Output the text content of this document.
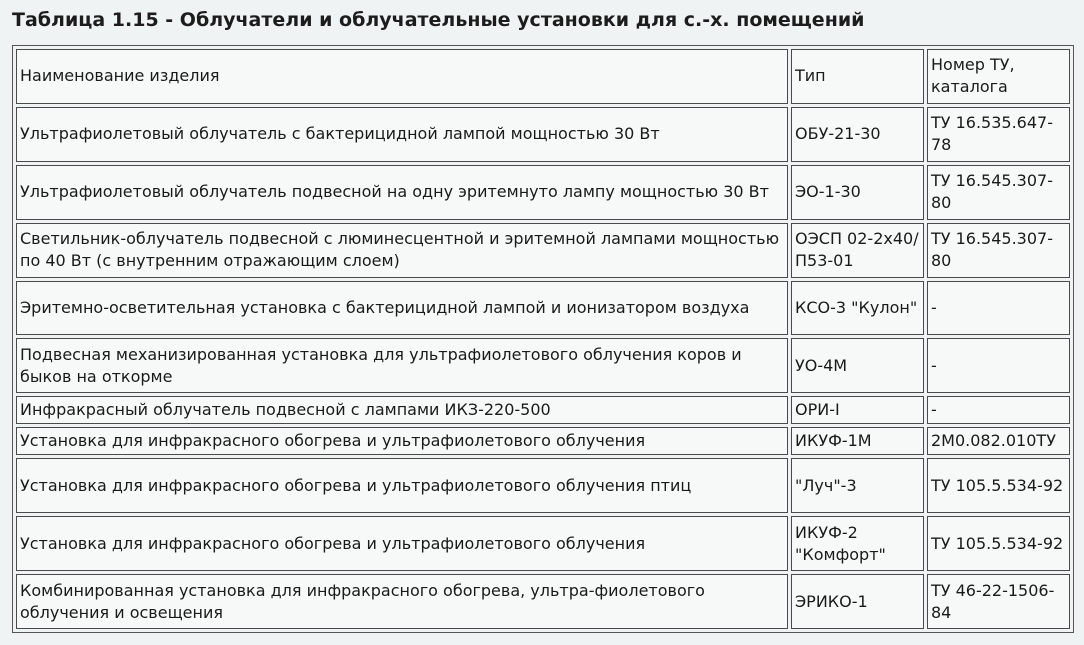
Таблица 1.15 - Облучатели и облучательные установки для с.-х. помещений
Наименование изделия	Тип	Номер ТУ, каталога
Ультрафиолетовый облучатель с бактерицидной лампой мощностью 30 Вт	ОБУ-21-30	ТУ 16.535.647-78
Ультрафиолетовый облучатель подвесной на одну эритемнуто лампу мощностью 30 Вт	ЭО-1-30	ТУ 16.545.307-80
Светильник-облучатель подвесной с люминесцентной и эритемной лампами мощностью по 40 Вт (с внутренним отражающим слоем)	ОЭСП 02-2х40/П53-01	ТУ 16.545.307-80
Эритемно-осветительная установка с бактерицидной лампой и ионизатором воздуха	КСО-3 "Кулон"	-
Подвесная механизированная установка для ультрафиолетового облучения коров и быков на откорме	УО-4М	-
Инфракрасный облучатель подвесной с лампами ИКЗ-220-500	ОРИ-I	-
Установка для инфракрасного обогрева и ультрафиолетового облучения	ИКУФ-1М	2М0.082.010ТУ
Установка для инфракрасного обогрева и ультрафиолетового облучения птиц	"Луч"-3	ТУ 105.5.534-92
Установка для инфракрасного обогрева и ультрафиолетового облучения	ИКУФ-2 "Комфорт"	ТУ 105.5.534-92
Комбинированная установка для инфракрасного обогрева, ультра-фиолетового облучения и освещения	ЭРИКО-1	ТУ 46-22-1506-84
